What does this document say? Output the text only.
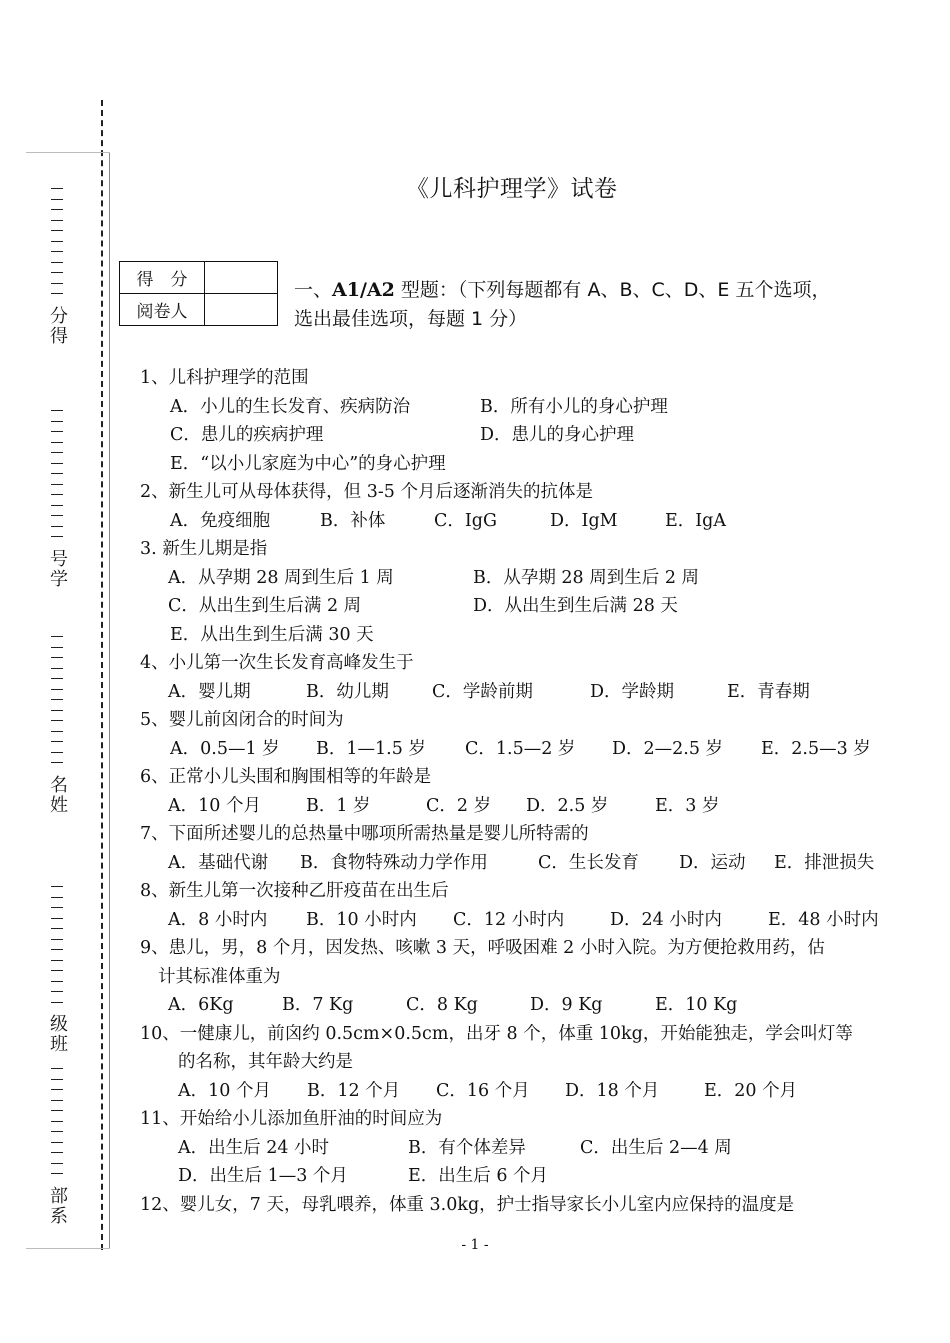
分得
号学
名姓
级班
部系
《儿科护理学》试卷
得　分	
阅卷人	
一、A1/A2 型题：（下列每题都有 A、B、C、D、E 五个选项，
选出最佳选项，每题 1 分）
1、儿科护理学的范围
A．小儿的生长发育、疾病防治	B．所有小儿的身心护理
C．患儿的疾病护理	D．患儿的身心护理
E．“以小儿家庭为中心”的身心护理
2、新生儿可从母体获得，但 3-5 个月后逐渐消失的抗体是
A．免疫细胞	B．补体	C．IgG	D．IgM	E．IgA
3. 新生儿期是指
A．从孕期 28 周到生后 1 周	B．从孕期 28 周到生后 2 周
C．从出生到生后满 2 周	D．从出生到生后满 28 天
E．从出生到生后满 30 天
4、小儿第一次生长发育高峰发生于
A．婴儿期	B．幼儿期 C．学龄前期	D．学龄期	E．青春期
5、婴儿前囟闭合的时间为
A．0.5—1 岁 B．1—1.5 岁 C．1.5—2 岁 D．2—2.5 岁 E．2.5—3 岁
6、正常小儿头围和胸围相等的年龄是
A．10 个月	B．1 岁	C．2 岁 D．2.5 岁	E．3 岁
7、下面所述婴儿的总热量中哪项所需热量是婴儿所特需的
A．基础代谢 B．食物特殊动力学作用	C．生长发育 D．运动 E．排泄损失
8、新生儿第一次接种乙肝疫苗在出生后
A．8 小时内 B．10 小时内 C．12 小时内	D．24 小时内	E．48 小时内
9、患儿，男，8 个月，因发热、咳嗽 3 天，呼吸困难 2 小时入院。为方便抢救用药，估
计其标准体重为
A．6Kg	B．7 Kg	C．8 Kg	D．9 Kg	E．10 Kg
10、一健康儿，前囟约 0.5cm×0.5cm，出牙 8 个，体重 10kg，开始能独走，学会叫灯等
的名称，其年龄大约是
A．10 个月 B．12 个月 C．16 个月 D．18 个月	E．20 个月
11、开始给小儿添加鱼肝油的时间应为
A．出生后 24 小时	B．有个体差异	C．出生后 2—4 周
D．出生后 1—3 个月	E．出生后 6 个月
12、婴儿女，7 天，母乳喂养，体重 3.0kg，护士指导家长小儿室内应保持的温度是
- 1 -
